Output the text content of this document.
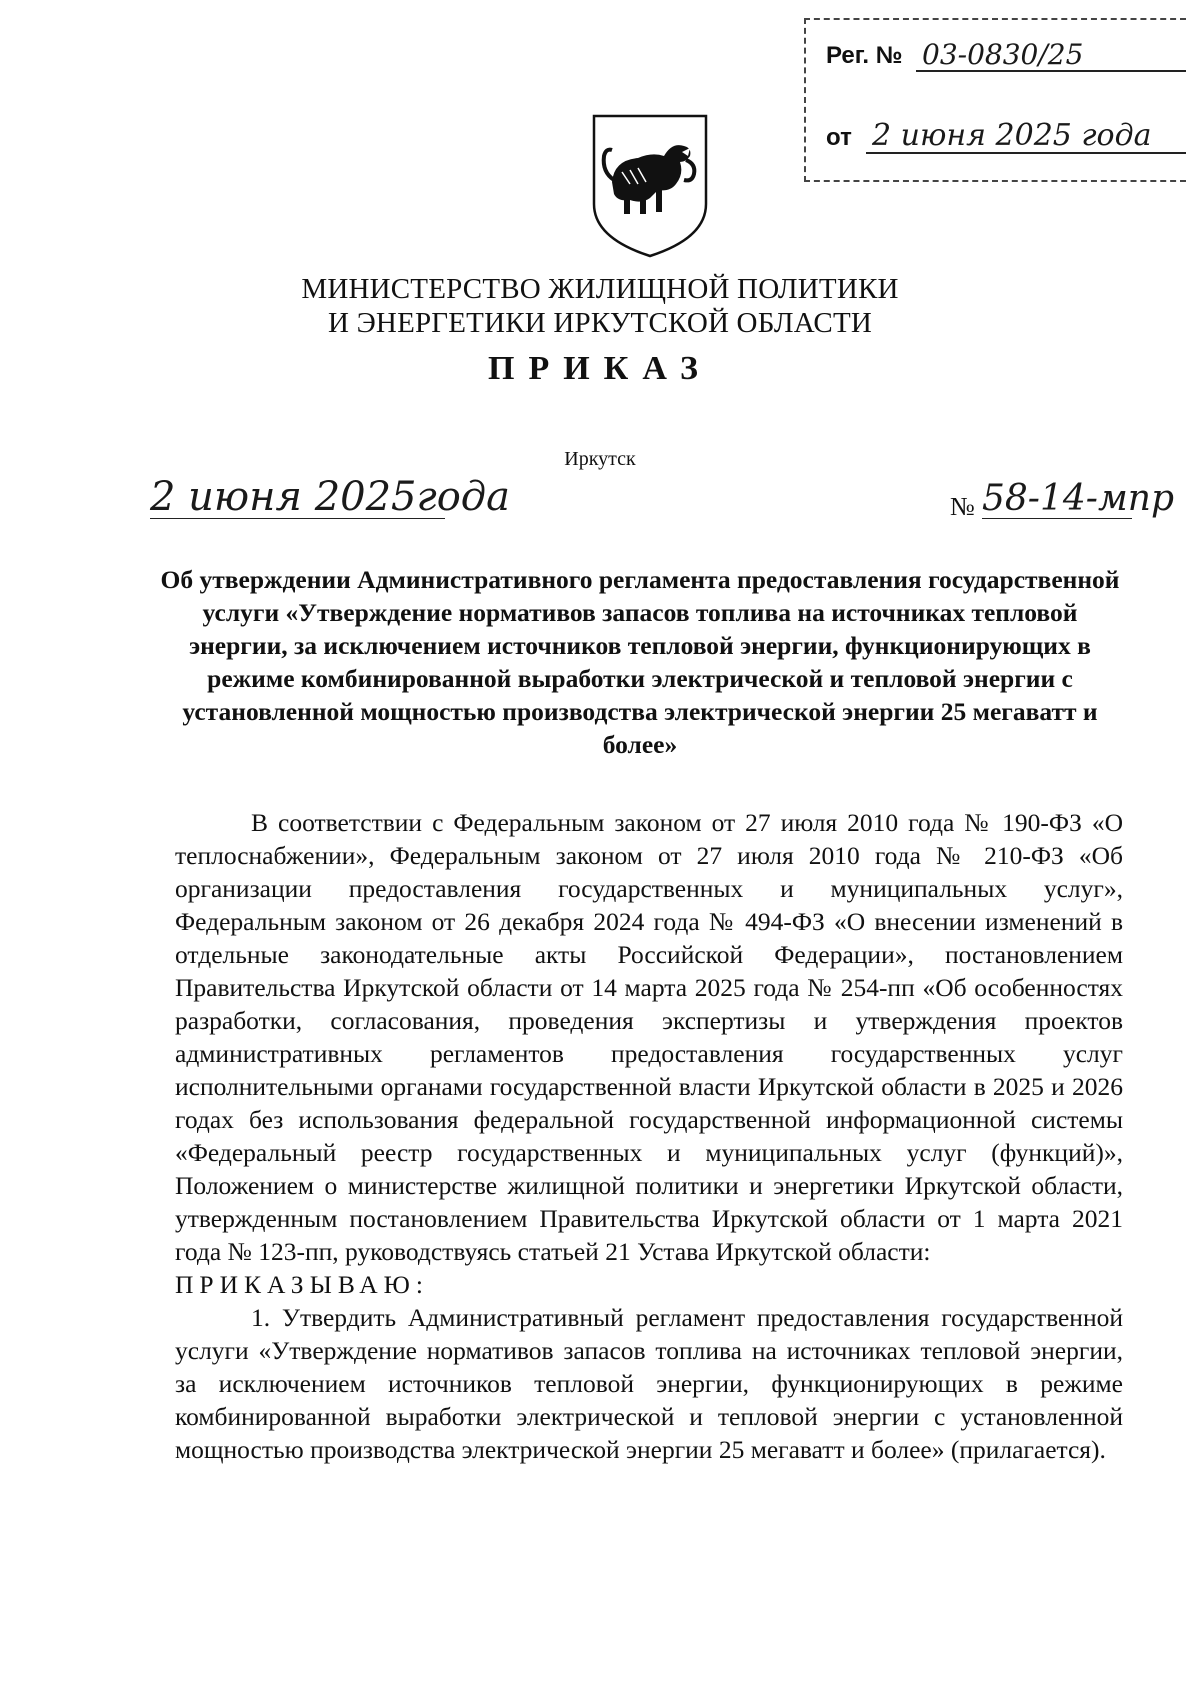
Рег. № 03-0830/25
от 2 июня 2025 года
МИНИСТЕРСТВО ЖИЛИЩНОЙ ПОЛИТИКИ
И ЭНЕРГЕТИКИ ИРКУТСКОЙ ОБЛАСТИ
ПРИКАЗ
Иркутск
2 июня 2025года	№ 58-14-мпр

Об утверждении Административного регламента предоставления государственной услуги «Утверждение нормативов запасов топлива на источниках тепловой энергии, за исключением источников тепловой энергии, функционирующих в режиме комбинированной выработки электрической и тепловой энергии с установленной мощностью производства электрической энергии 25 мегаватт и более»

В соответствии с Федеральным законом от 27 июля 2010 года № 190-ФЗ «О теплоснабжении», Федеральным законом от 27 июля 2010 года № 210-ФЗ «Об организации предоставления государственных и муниципальных услуг», Федеральным законом от 26 декабря 2024 года № 494-ФЗ «О внесении изменений в отдельные законодательные акты Российской Федерации», постановлением Правительства Иркутской области от 14 марта 2025 года № 254-пп «Об особенностях разработки, согласования, проведения экспертизы и утверждения проектов административных регламентов предоставления государственных услуг исполнительными органами государственной власти Иркутской области в 2025 и 2026 годах без использования федеральной государственной информационной системы «Федеральный реестр государственных и муниципальных услуг (функций)», Положением о министерстве жилищной политики и энергетики Иркутской области, утвержденным постановлением Правительства Иркутской области от 1 марта 2021 года № 123-пп, руководствуясь статьей 21 Устава Иркутской области:

ПРИКАЗЫВАЮ:

1. Утвердить Административный регламент предоставления государственной услуги «Утверждение нормативов запасов топлива на источниках тепловой энергии, за исключением источников тепловой энергии, функционирующих в режиме комбинированной выработки электрической и тепловой энергии с установленной мощностью производства электрической энергии 25 мегаватт и более» (прилагается).
